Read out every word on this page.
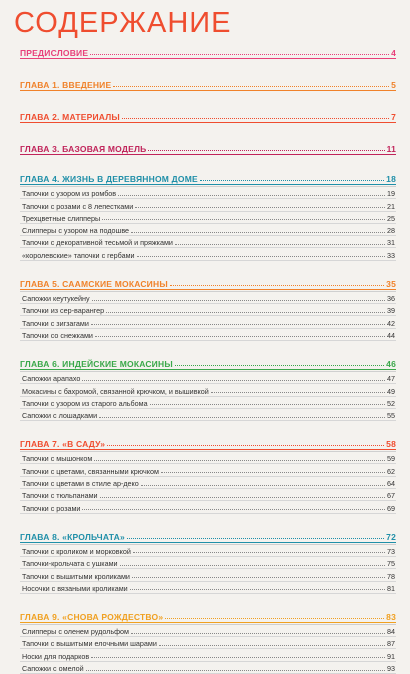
СОДЕРЖАНИЕ
ПРЕДИСЛОВИЕ	4
ГЛАВА 1. ВВЕДЕНИЕ	5
ГЛАВА 2. МАТЕРИАЛЫ	7
ГЛАВА 3. БАЗОВАЯ МОДЕЛЬ	11
ГЛАВА 4. ЖИЗНЬ В ДЕРЕВЯННОМ ДОМЕ	18
Тапочки с узором из ромбов	19
Тапочки с розами с 8 лепестками	21
Трехцветные слипперы	25
Слипперы с узором на подошве	28
Тапочки с декоративной тесьмой и пряжками	31
«королевские» тапочки с гербами	33
ГЛАВА 5. СААМСКИЕ МОКАСИНЫ	35
Сапожки кеутукейну	36
Тапочки из сер-варангер	39
Тапочки с зигзагами	42
Тапочки со снежками	44
ГЛАВА 6. ИНДЕЙСКИЕ МОКАСИНЫ	46
Сапожки арапахо	47
Мокасины с бахромой, связанной крючком, и вышивкой	49
Тапочки с узором из старого альбома	52
Сапожки с лошадками	55
ГЛАВА 7. «В САДУ»	58
Тапочки с мышонком	59
Тапочки с цветами, связанными крючком	62
Тапочки с цветами в стиле ар-деко	64
Тапочки с тюльпанами	67
Тапочки с розами	69
ГЛАВА 8. «КРОЛЬЧАТА»	72
Тапочки с кроликом и морковкой	73
Тапочки-крольчата с ушками	75
Тапочки с вышитыми кроликами	78
Носочки с вязаными кроликами	81
ГЛАВА 9. «СНОВА РОЖДЕСТВО»	83
Слипперы с оленем рудольфом	84
Тапочки с вышитыми елочными шарами	87
Носки для подарков	91
Сапожки с омелой	93
